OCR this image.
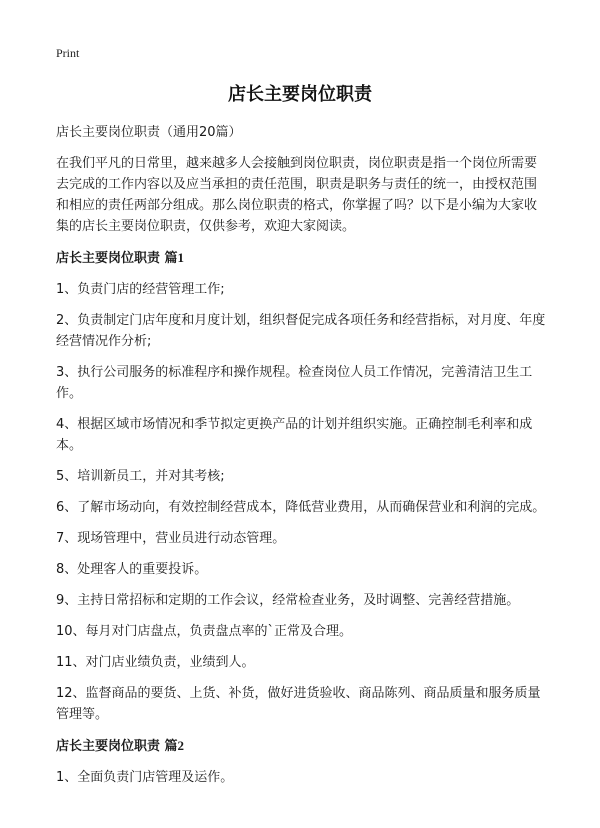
Print
店长主要岗位职责

店长主要岗位职责（通用20篇）

在我们平凡的日常里，越来越多人会接触到岗位职责，岗位职责是指一个岗位所需要去完成的工作内容以及应当承担的责任范围，职责是职务与责任的统一，由授权范围和相应的责任两部分组成。那么岗位职责的格式，你掌握了吗？以下是小编为大家收集的店长主要岗位职责，仅供参考，欢迎大家阅读。

店长主要岗位职责 篇1

1、负责门店的经营管理工作;

2、负责制定门店年度和月度计划，组织督促完成各项任务和经营指标，对月度、年度经营情况作分析;

3、执行公司服务的标准程序和操作规程。检查岗位人员工作情况，完善清洁卫生工作。

4、根据区域市场情况和季节拟定更换产品的计划并组织实施。正确控制毛利率和成本。

5、培训新员工，并对其考核;

6、了解市场动向，有效控制经营成本，降低营业费用，从而确保营业和利润的完成。

7、现场管理中，营业员进行动态管理。

8、处理客人的重要投诉。

9、主持日常招标和定期的工作会议，经常检查业务，及时调整、完善经营措施。

10、每月对门店盘点，负责盘点率的`正常及合理。

11、对门店业绩负责，业绩到人。

12、监督商品的要货、上货、补货，做好进货验收、商品陈列、商品质量和服务质量管理等。

店长主要岗位职责 篇2

1、全面负责门店管理及运作。
